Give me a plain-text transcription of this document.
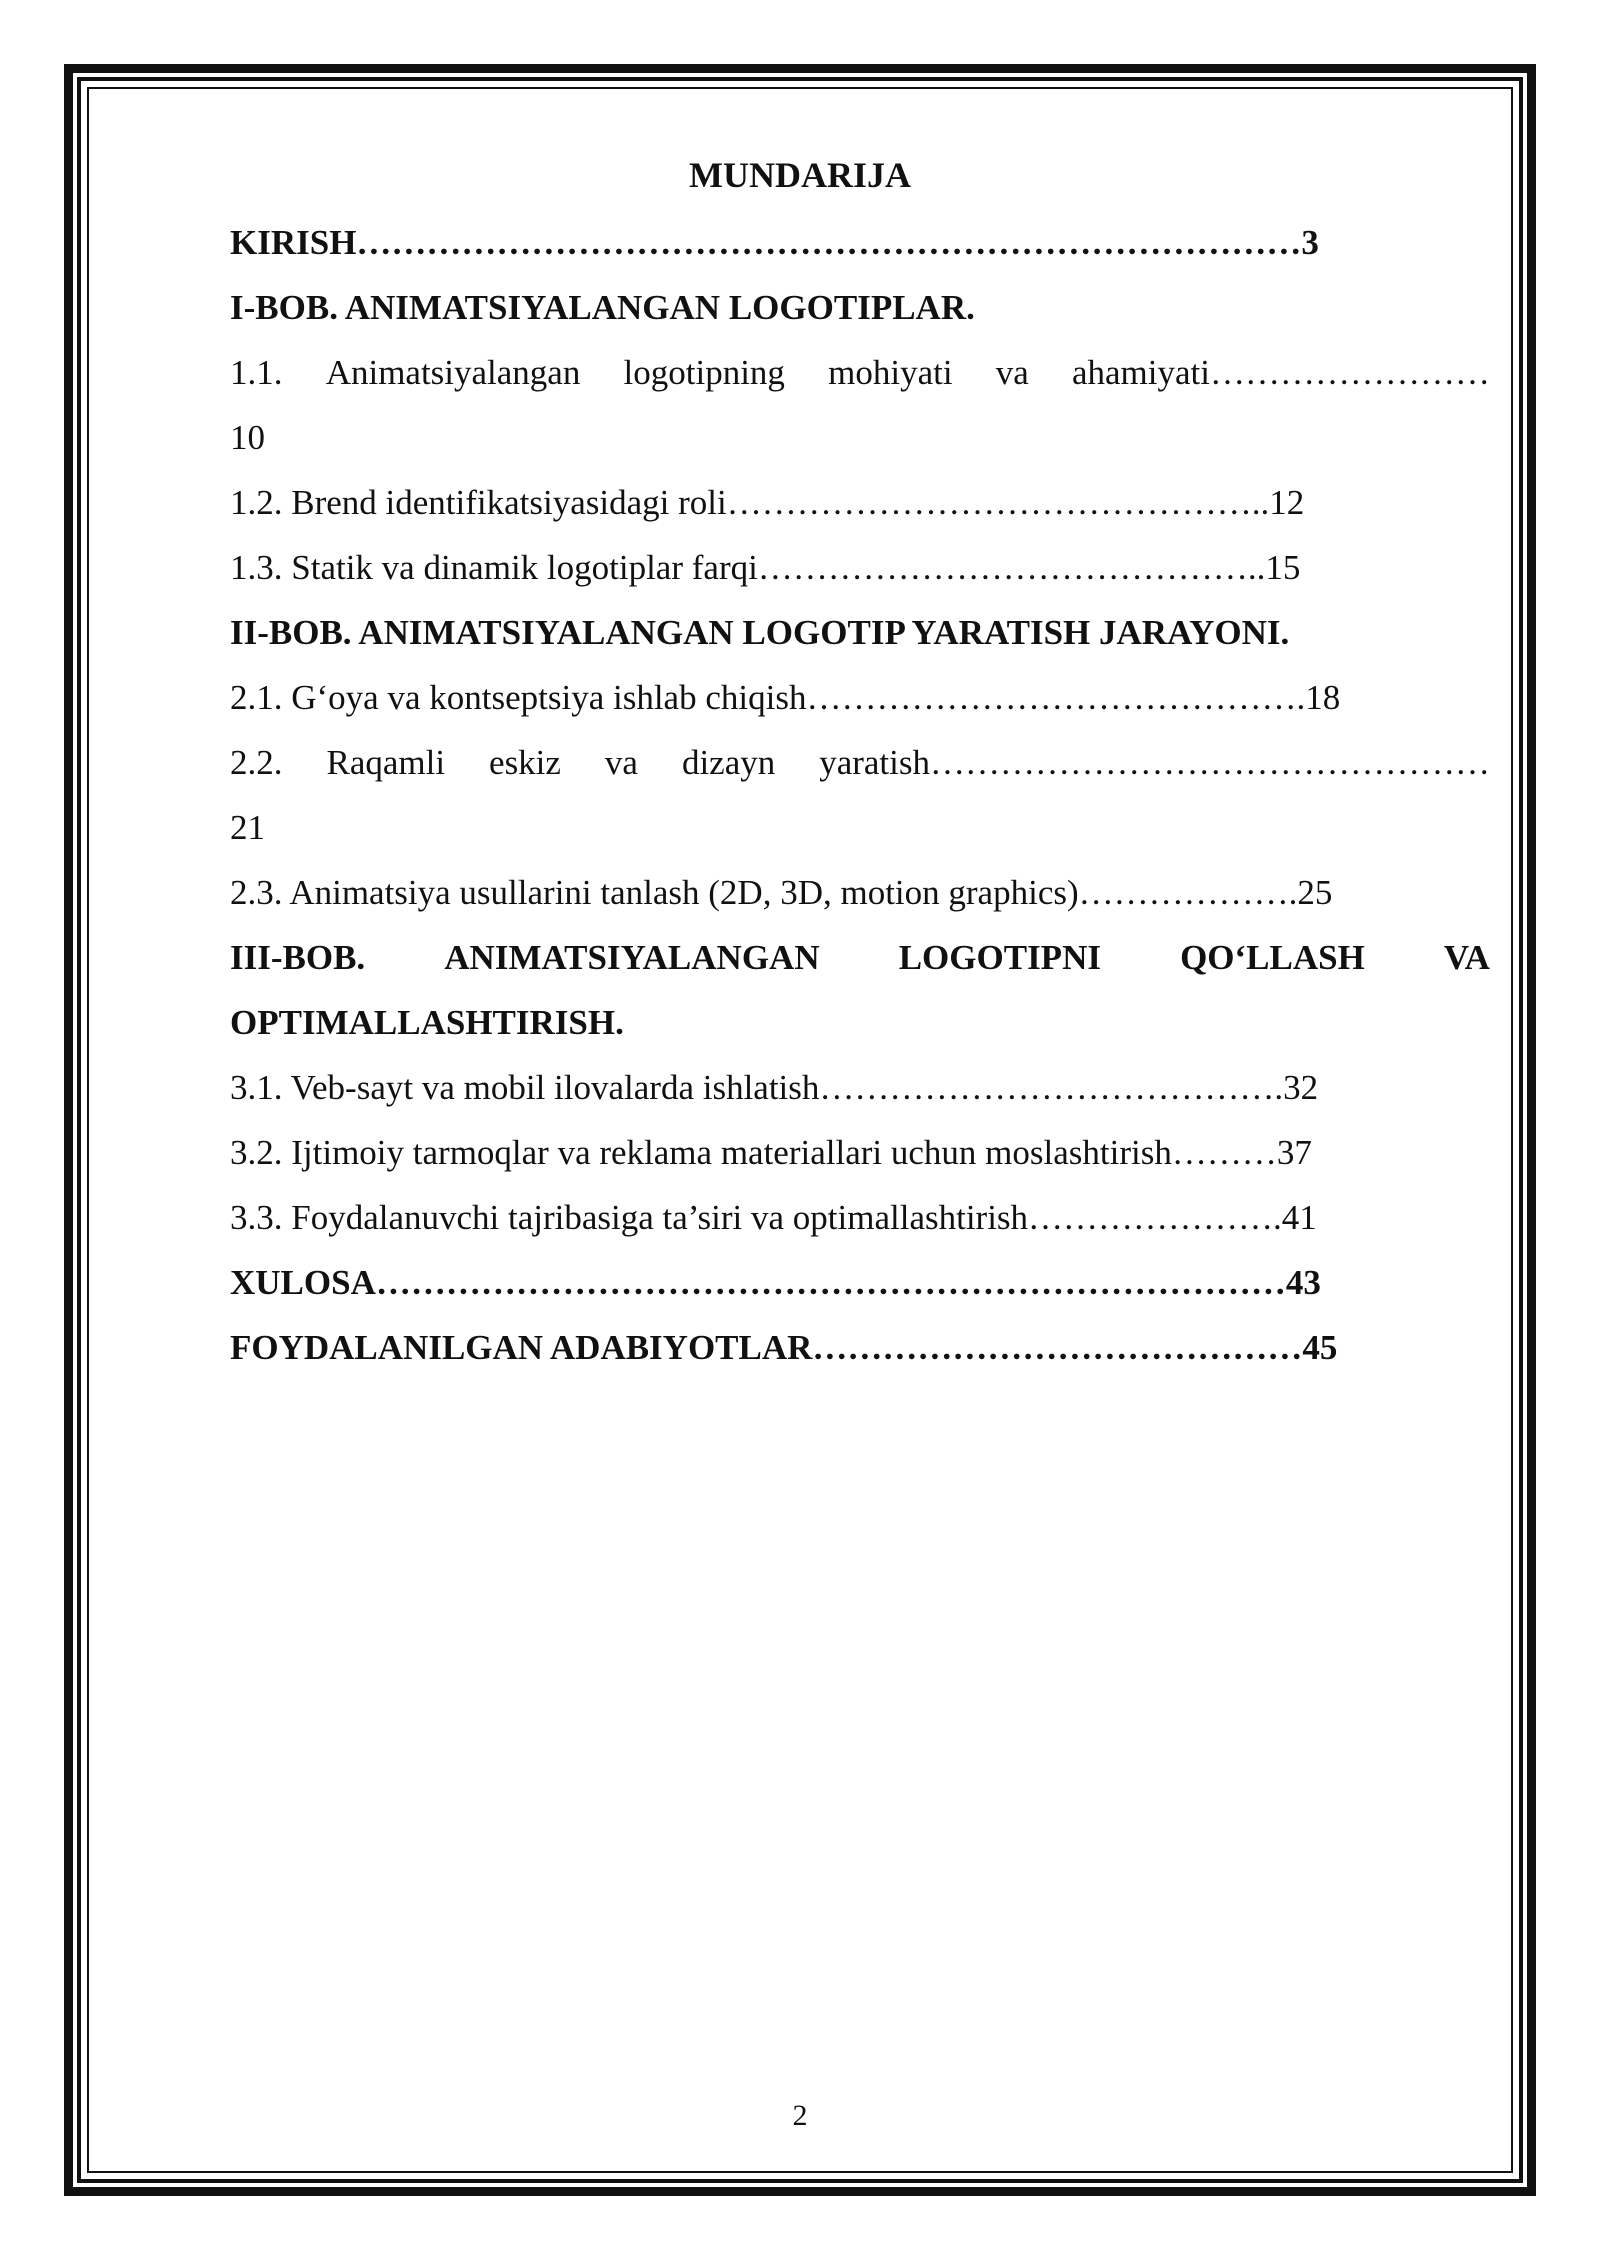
MUNDARIJA
KIRISH………………………………………………………………………3
I-BOB. ANIMATSIYALANGAN LOGOTIPLAR.
1.1. Animatsiyalangan logotipning mohiyati va ahamiyati……………………
10
1.2. Brend identifikatsiyasidagi roli………………………………………..12
1.3. Statik va dinamik logotiplar farqi……………………………………..15
II-BOB. ANIMATSIYALANGAN LOGOTIP YARATISH JARAYONI.
2.1. G‘oya va kontseptsiya ishlab chiqish…………………………………….18
2.2. Raqamli eskiz va dizayn yaratish…………………………………………
21
2.3. Animatsiya usullarini tanlash (2D, 3D, motion graphics)……………….25
III-BOB. ANIMATSIYALANGAN LOGOTIPNI QO‘LLASH VA
OPTIMALLASHTIRISH.
3.1. Veb-sayt va mobil ilovalarda ishlatish………………………………….32
3.2. Ijtimoiy tarmoqlar va reklama materiallari uchun moslashtirish………37
3.3. Foydalanuvchi tajribasiga ta’siri va optimallashtirish………………….41
XULOSA……………………………………………………………………43
FOYDALANILGAN ADABIYOTLAR……………………………………45
2
